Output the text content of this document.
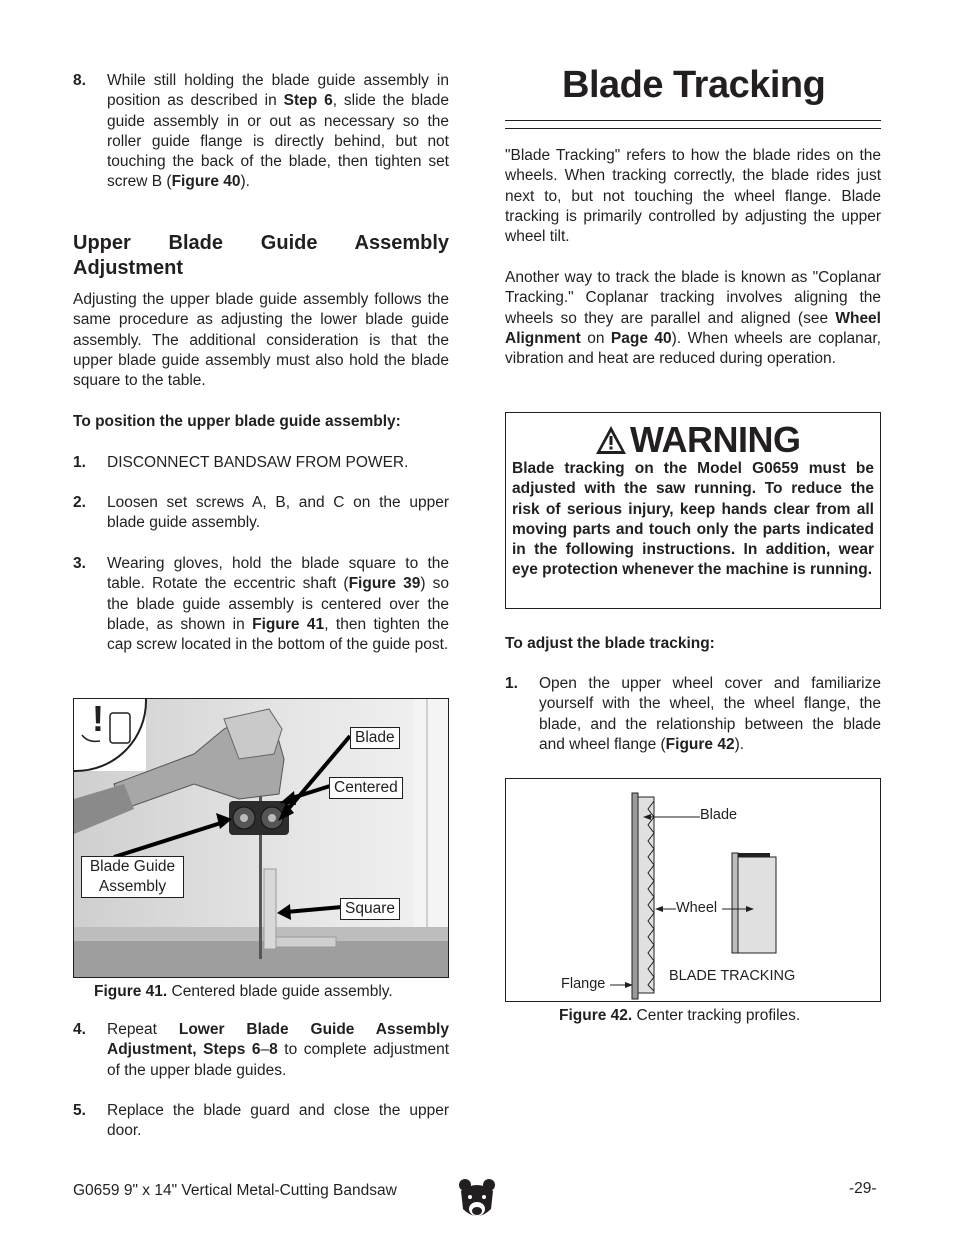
8. While still holding the blade guide assembly in position as described in Step 6, slide the blade guide assembly in or out as necessary so the roller guide flange is directly behind, but not touching the back of the blade, then tighten set screw B (Figure 40).
Upper Blade Guide Assembly Adjustment
Adjusting the upper blade guide assembly follows the same procedure as adjusting the lower blade guide assembly. The additional consideration is that the upper blade guide assembly must also hold the blade square to the table.
To position the upper blade guide assembly:
1. DISCONNECT BANDSAW FROM POWER.
2. Loosen set screws A, B, and C on the upper blade guide assembly.
3. Wearing gloves, hold the blade square to the table. Rotate the eccentric shaft (Figure 39) so the blade guide assembly is centered over the blade, as shown in Figure 41, then tighten the cap screw located in the bottom of the guide post.
!	Blade
Centered
Blade Guide Assembly
Square
Figure 41. Centered blade guide assembly.
4. Repeat Lower Blade Guide Assembly Adjustment, Steps 6–8 to complete adjustment of the upper blade guides.
5. Replace the blade guard and close the upper door.
Blade Tracking
"Blade Tracking" refers to how the blade rides on the wheels. When tracking correctly, the blade rides just next to, but not touching the wheel flange. Blade tracking is primarily controlled by adjusting the upper wheel tilt.
Another way to track the blade is known as "Coplanar Tracking." Coplanar tracking involves aligning the wheels so they are parallel and aligned (see Wheel Alignment on Page 40). When wheels are coplanar, vibration and heat are reduced during operation.
WARNING
Blade tracking on the Model G0659 must be adjusted with the saw running. To reduce the risk of serious injury, keep hands clear from all moving parts and touch only the parts indicated in the following instructions. In addition, wear eye protection whenever the machine is running.
To adjust the blade tracking:
1. Open the upper wheel cover and familiarize yourself with the wheel, the wheel flange, the blade, and the relationship between the blade and wheel flange (Figure 42).
Blade
Wheel
Flange	BLADE TRACKING
Figure 42. Center tracking profiles.
G0659 9" x 14" Vertical Metal-Cutting Bandsaw	-29-
